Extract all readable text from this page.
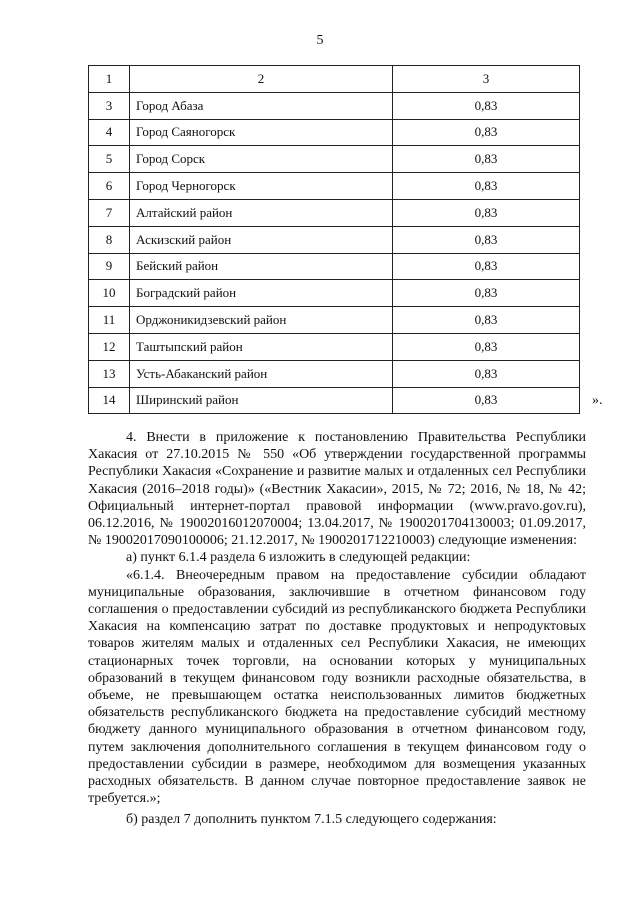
5
1	2	3
3	Город Абаза	0,83
4	Город Саяногорск	0,83
5	Город Сорск	0,83
6	Город Черногорск	0,83
7	Алтайский район	0,83
8	Аскизский район	0,83
9	Бейский район	0,83
10	Боградский район	0,83
11	Орджоникидзевский район	0,83
12	Таштыпский район	0,83
13	Усть-Абаканский район	0,83
14	Ширинский район	0,83	».

4. Внести в приложение к постановлению Правительства Республики Хакасия от 27.10.2015 № 550 «Об утверждении государственной программы Республики Хакасия «Сохранение и развитие малых и отдаленных сел Республики Хакасия (2016–2018 годы)» («Вестник Хакасии», 2015, № 72; 2016, № 18, № 42; Официальный интернет-портал правовой информации (www.pravo.gov.ru), 06.12.2016, № 19002016012070004; 13.04.2017, № 1900201704130003; 01.09.2017, № 19002017090100006; 21.12.2017, № 1900201712210003) следующие изменения:

а) пункт 6.1.4 раздела 6 изложить в следующей редакции:

«6.1.4. Внеочередным правом на предоставление субсидии обладают муниципальные образования, заключившие в отчетном финансовом году соглашения о предоставлении субсидий из республиканского бюджета Республики Хакасия на компенсацию затрат по доставке продуктовых и непродуктовых товаров жителям малых и отдаленных сел Республики Хакасия, не имеющих стационарных точек торговли, на основании которых у муниципальных образований в текущем финансовом году возникли расходные обязательства, в объеме, не превышающем остатка неиспользованных лимитов бюджетных обязательств республиканского бюджета на предоставление субсидий местному бюджету данного муниципального образования в отчетном финансовом году, путем заключения дополнительного соглашения в текущем финансовом году о предоставлении субсидии в размере, необходимом для возмещения указанных расходных обязательств. В данном случае повторное предоставление заявок не требуется.»;

б) раздел 7 дополнить пунктом 7.1.5 следующего содержания:
